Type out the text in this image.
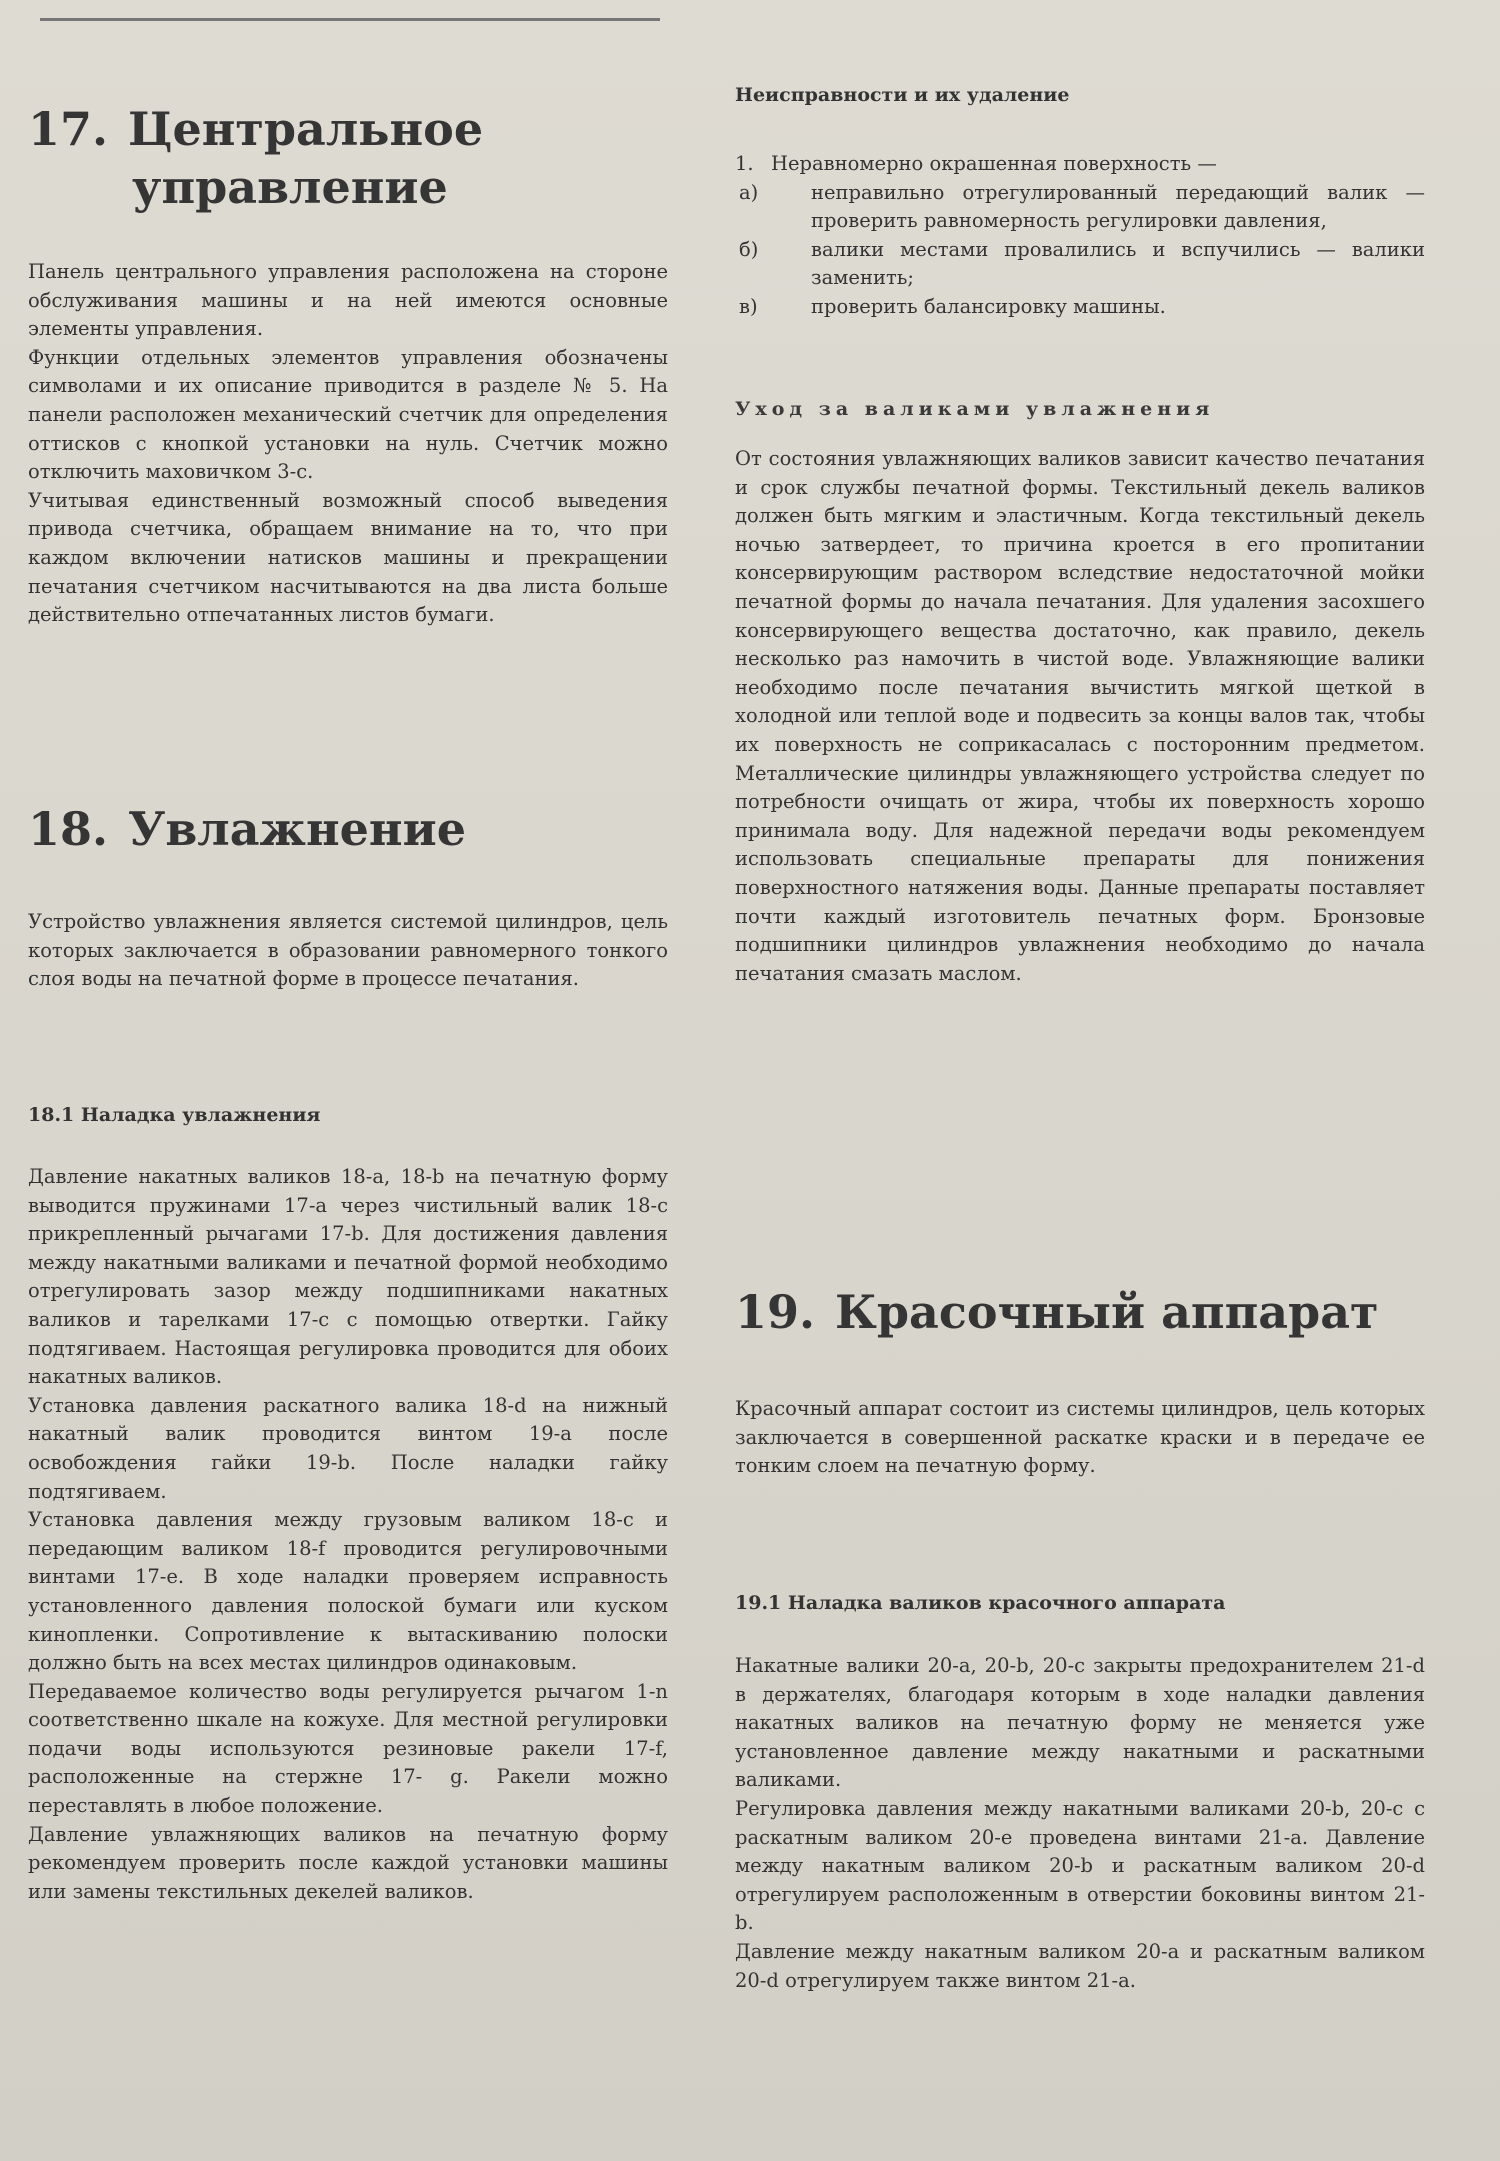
17. Центральное
управление

Панель центрального управления расположена на стороне обслуживания машины и на ней имеются основные элементы управления.

Функции отдельных элементов управления обозначены символами и их описание приводится в разделе № 5. На панели расположен механический счетчик для определения оттисков с кнопкой установки на нуль. Счетчик можно отключить маховичком 3-с.

Учитывая единственный возможный способ выведения привода счетчика, обращаем внимание на то, что при каждом включении натисков машины и прекращении печатания счетчиком насчитываются на два листа больше действительно отпечатанных листов бумаги.

18. Увлажнение

Устройство увлажнения является системой цилиндров, цель которых заключается в образовании равномерного тонкого слоя воды на печатной форме в процессе печатания.

18.1 Наладка увлажнения

Давление накатных валиков 18-a, 18-b на печатную форму выводится пружинами 17-a через чистильный валик 18-c прикрепленный рычагами 17-b. Для достижения давления между накатными валиками и печатной формой необходимо отрегулировать зазор между подшипниками накатных валиков и тарелками 17-c с помощью отвертки. Гайку подтягиваем. Настоящая регулировка проводится для обоих накатных валиков.

Установка давления раскатного валика 18-d на нижный накатный валик проводится винтом 19-a после освобождения гайки 19-b. После наладки гайку подтягиваем.

Установка давления между грузовым валиком 18-c и передающим валиком 18-f проводится регулировочными винтами 17-e. В ходе наладки проверяем исправность установленного давления полоской бумаги или куском кинопленки. Сопротивление к вытаскиванию полоски должно быть на всех местах цилиндров одинаковым.

Передаваемое количество воды регулируется рычагом 1-n соответственно шкале на кожухе. Для местной регулировки подачи воды используются резиновые ракели 17-f, расположенные на стержне 17- g. Ракели можно переставлять в любое положение.

Давление увлажняющих валиков на печатную форму рекомендуем проверить после каждой установки машины или замены текстильных декелей валиков.

Неисправности и их удаление

1. Неравномерно окрашенная поверхность —

а)	неправильно отрегулированный передающий валик — проверить равномерность регулировки давления,

б)	валики местами провалились и вспучились — валики заменить;

в)	проверить балансировку машины.

Уход за валиками увлажнения

От состояния увлажняющих валиков зависит качество печатания и срок службы печатной формы. Текстильный декель валиков должен быть мягким и эластичным. Когда текстильный декель ночью затвердеет, то причина кроется в его пропитании консервирующим раствором вследствие недостаточной мойки печатной формы до начала печатания. Для удаления засохшего консервирующего вещества достаточно, как правило, декель несколько раз намочить в чистой воде. Увлажняющие валики необходимо после печатания вычистить мягкой щеткой в холодной или теплой воде и подвесить за концы валов так, чтобы их поверхность не соприкасалась с посторонним предметом. Металлические цилиндры увлажняющего устройства следует по потребности очищать от жира, чтобы их поверхность хорошо принимала воду. Для надежной передачи воды рекомендуем использовать специальные препараты для понижения поверхностного натяжения воды. Данные препараты поставляет почти каждый изготовитель печатных форм. Бронзовые подшипники цилиндров увлажнения необходимо до начала печатания смазать маслом.

19. Красочный аппарат

Красочный аппарат состоит из системы цилиндров, цель которых заключается в совершенной раскатке краски и в передаче ее тонким слоем на печатную форму.

19.1 Наладка валиков красочного аппарата

Накатные валики 20-a, 20-b, 20-c закрыты предохранителем 21-d в держателях, благодаря которым в ходе наладки давления накатных валиков на печатную форму не меняется уже установленное давление между накатными и раскатными валиками.

Регулировка давления между накатными валиками 20-b, 20-c с раскатным валиком 20-e проведена винтами 21-a. Давление между накатным валиком 20-b и раскатным валиком 20-d отрегулируем расположенным в отверстии боковины винтом 21-b.

Давление между накатным валиком 20-a и раскатным валиком 20-d отрегулируем также винтом 21-a.
